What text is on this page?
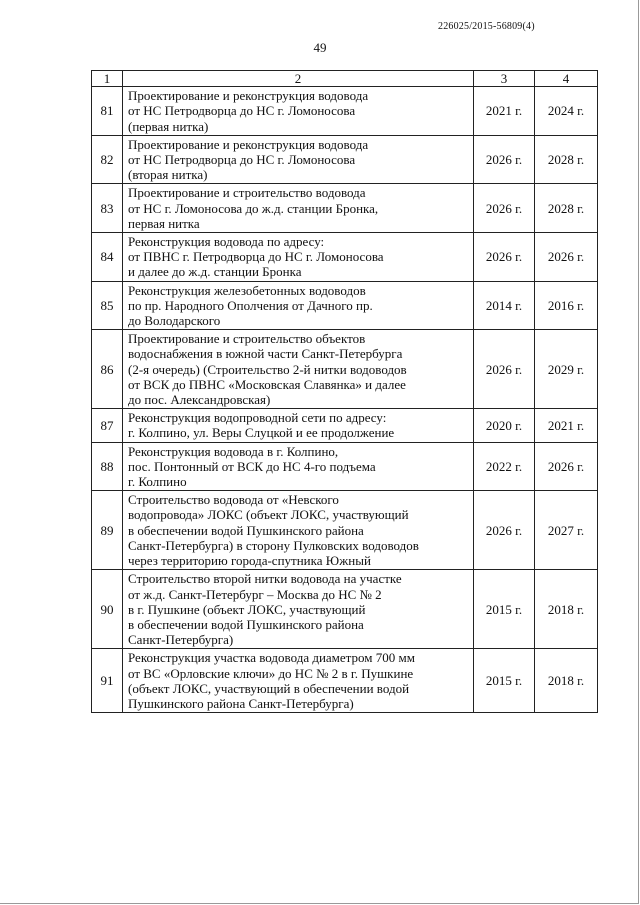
226025/2015-56809(4)
49
1	2	3	4
81	Проектирование и реконструкция водовода
от НС Петродворца до НС г. Ломоносова
(первая нитка)	2021 г.	2024 г.
82	Проектирование и реконструкция водовода
от НС Петродворца до НС г. Ломоносова
(вторая нитка)	2026 г.	2028 г.
83	Проектирование и строительство водовода
от НС г. Ломоносова до ж.д. станции Бронка,
первая нитка	2026 г.	2028 г.
84	Реконструкция водовода по адресу:
от ПВНС г. Петродворца до НС г. Ломоносова
и далее до ж.д. станции Бронка	2026 г.	2026 г.
85	Реконструкция железобетонных водоводов
по пр. Народного Ополчения от Дачного пр.
до Володарского	2014 г.	2016 г.
86	Проектирование и строительство объектов
водоснабжения в южной части Санкт-Петербурга
(2-я очередь) (Строительство 2-й нитки водоводов
от ВСК до ПВНС «Московская Славянка» и далее
до пос. Александровская)	2026 г.	2029 г.
87	Реконструкция водопроводной сети по адресу:
г. Колпино, ул. Веры Слуцкой и ее продолжение	2020 г.	2021 г.
88	Реконструкция водовода в г. Колпино,
пос. Понтонный от ВСК до НС 4-го подъема
г. Колпино	2022 г.	2026 г.
89	Строительство водовода от «Невского
водопровода» ЛОКС (объект ЛОКС, участвующий
в обеспечении водой Пушкинского района
Санкт-Петербурга) в сторону Пулковских водоводов
через территорию города-спутника Южный	2026 г.	2027 г.
90	Строительство второй нитки водовода на участке
от ж.д. Санкт-Петербург – Москва до НС № 2
в г. Пушкине (объект ЛОКС, участвующий
в обеспечении водой Пушкинского района
Санкт-Петербурга)	2015 г.	2018 г.
91	Реконструкция участка водовода диаметром 700 мм
от ВС «Орловские ключи» до НС № 2 в г. Пушкине
(объект ЛОКС, участвующий в обеспечении водой
Пушкинского района Санкт-Петербурга)	2015 г.	2018 г.
